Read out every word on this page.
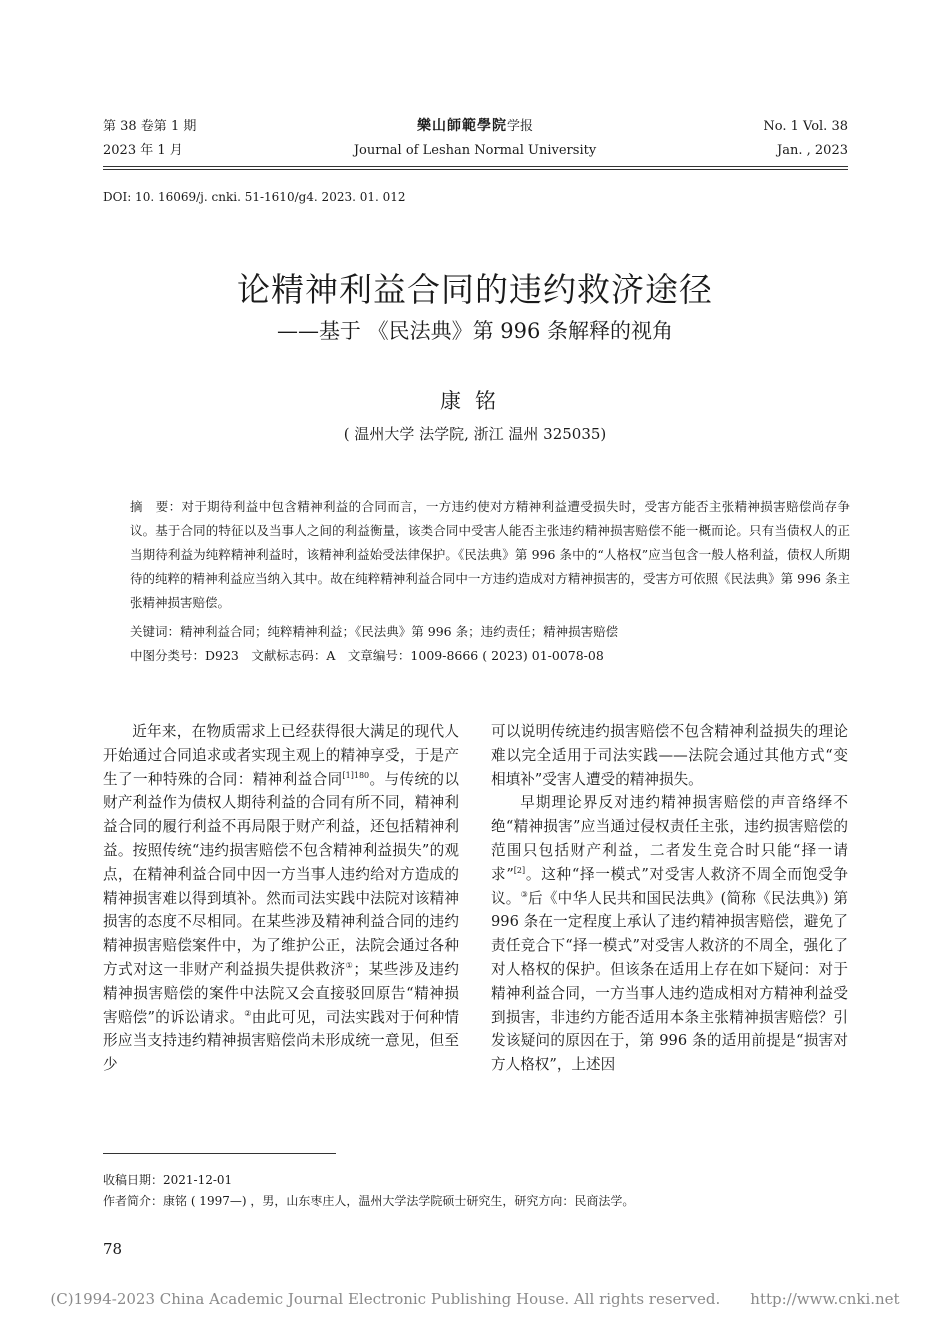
第 38 卷第 1 期
2023 年 1 月
樂山師範學院学报
Journal of Leshan Normal University
No. 1 Vol. 38
Jan. , 2023
DOI: 10. 16069/j. cnki. 51-1610/g4. 2023. 01. 012
论精神利益合同的违约救济途径
——基于 《民法典》第 996 条解释的视角
康铭
( 温州大学 法学院, 浙江 温州 325035)
摘　要：对于期待利益中包含精神利益的合同而言，一方违约使对方精神利益遭受损失时，受害方能否主张精神损害赔偿尚存争议。基于合同的特征以及当事人之间的利益衡量，该类合同中受害人能否主张违约精神损害赔偿不能一概而论。只有当债权人的正当期待利益为纯粹精神利益时，该精神利益始受法律保护。《民法典》第 996 条中的“人格权”应当包含一般人格利益，债权人所期待的纯粹的精神利益应当纳入其中。故在纯粹精神利益合同中一方违约造成对方精神损害的，受害方可依照《民法典》第 996 条主张精神损害赔偿。
关键词：精神利益合同；纯粹精神利益；《民法典》第 996 条；违约责任；精神损害赔偿
中图分类号：D923　文献标志码：A　文章编号：1009-8666 ( 2023) 01-0078-08

近年来，在物质需求上已经获得很大满足的现代人开始通过合同追求或者实现主观上的精神享受，于是产生了一种特殊的合同：精神利益合同$^{[1]180}$。与传统的以财产利益作为债权人期待利益的合同有所不同，精神利益合同的履行利益不再局限于财产利益，还包括精神利益。按照传统“违约损害赔偿不包含精神利益损失”的观点，在精神利益合同中因一方当事人违约给对方造成的精神损害难以得到填补。然而司法实践中法院对该精神损害的态度不尽相同。在某些涉及精神利益合同的违约精神损害赔偿案件中，为了维护公正，法院会通过各种方式对这一非财产利益损失提供救济①；某些涉及违约精神损害赔偿的案件中法院又会直接驳回原告“精神损害赔偿”的诉讼请求。②由此可见，司法实践对于何种情形应当支持违约精神损害赔偿尚未形成统一意见，但至少

可以说明传统违约损害赔偿不包含精神利益损失的理论难以完全适用于司法实践——法院会通过其他方式“变相填补”受害人遭受的精神损失。

早期理论界反对违约精神损害赔偿的声音络绎不绝“精神损害”应当通过侵权责任主张，违约损害赔偿的范围只包括财产利益，二者发生竞合时只能“择一请求”[2]。这种“择一模式”对受害人救济不周全而饱受争议。③后《中华人民共和国民法典》(简称《民法典》) 第 996 条在一定程度上承认了违约精神损害赔偿，避免了责任竞合下“择一模式”对受害人救济的不周全，强化了对人格权的保护。但该条在适用上存在如下疑问：对于精神利益合同，一方当事人违约造成相对方精神利益受到损害，非违约方能否适用本条主张精神损害赔偿？引发该疑问的原因在于，第 996 条的适用前提是“损害对方人格权”，上述因

收稿日期：2021-12-01
作者简介：康铭 ( 1997—) ，男，山东枣庄人，温州大学法学院硕士研究生，研究方向：民商法学。
78
(C)1994-2023 China Academic Journal Electronic Publishing House. All rights reserved.　　http://www.cnki.net
